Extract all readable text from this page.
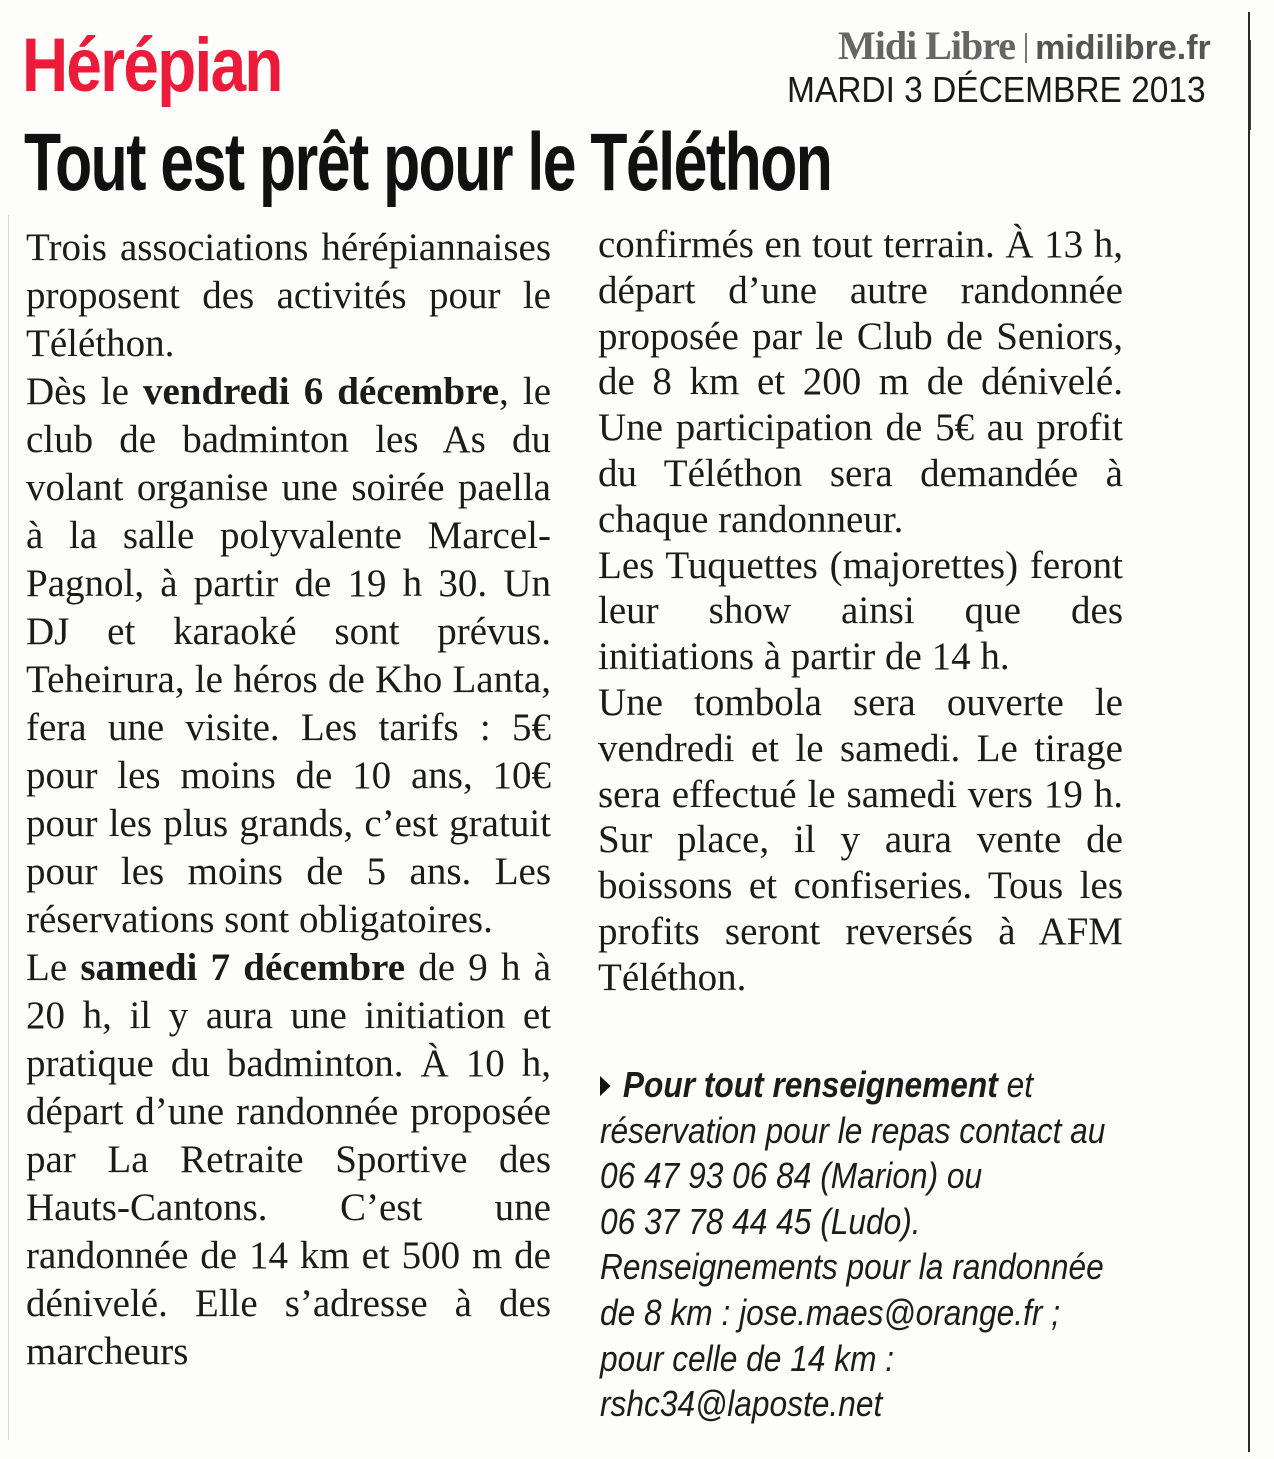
Hérépian	Midi Libre midilibre.fr
MARDI 3 DÉCEMBRE 2013
Tout est prêt pour le Téléthon

Trois associations hérépiannaises proposent des activités pour le Téléthon.

Dès le vendredi 6 décembre, le club de badminton les As du volant organise une soirée paella à la salle polyvalente Marcel-Pagnol, à partir de 19 h 30. Un DJ et karaoké sont prévus. Teheirura, le héros de Kho Lanta, fera une visite. Les tarifs : 5€ pour les moins de 10 ans, 10€ pour les plus grands, c’est gratuit pour les moins de 5 ans. Les réservations sont obligatoires.

Le samedi 7 décembre de 9 h à 20 h, il y aura une initiation et pratique du badminton. À 10 h, départ d’une randonnée proposée par La Retraite Sportive des Hauts-Cantons. C’est une randonnée de 14 km et 500 m de dénivelé. Elle s’adresse à des marcheurs

confirmés en tout terrain. À 13 h, départ d’une autre randonnée proposée par le Club de Seniors, de 8 km et 200 m de dénivelé. Une participation de 5€ au profit du Téléthon sera demandée à chaque randonneur.

Les Tuquettes (majorettes) feront leur show ainsi que des initiations à partir de 14 h.

Une tombola sera ouverte le vendredi et le samedi. Le tirage sera effectué le samedi vers 19 h. Sur place, il y aura vente de boissons et confiseries. Tous les profits seront reversés à AFM Téléthon.

Pour tout renseignement et

réservation pour le repas contact au

06 47 93 06 84 (Marion) ou

06 37 78 44 45 (Ludo).

Renseignements pour la randonnée

de 8 km : jose.maes@orange.fr ;

pour celle de 14 km :

rshc34@laposte.net
